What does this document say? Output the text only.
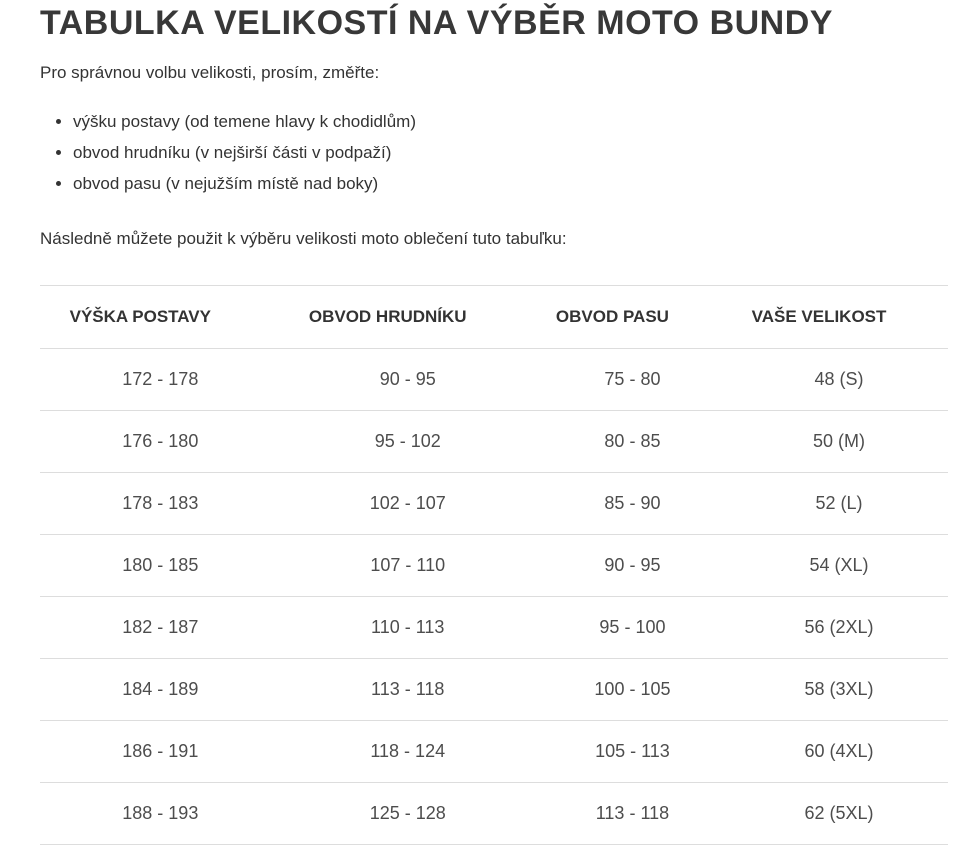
TABULKA VELIKOSTÍ NA VÝBĚR MOTO BUNDY

Pro správnou volbu velikosti, prosím, změřte:

• výšku postavy (od temene hlavy k chodidlům)
• obvod hrudníku (v nejširší části v podpaží)
• obvod pasu (v nejužším místě nad boky)

Následně můžete použit k výběru velikosti moto oblečení tuto tabuľku:

VÝŠKA POSTAVY	OBVOD HRUDNÍKU	OBVOD PASU	VAŠE VELIKOST
172 - 178	90 - 95	75 - 80	48 (S)
176 - 180	95 - 102	80 - 85	50 (M)
178 - 183	102 - 107	85 - 90	52 (L)
180 - 185	107 - 110	90 - 95	54 (XL)
182 - 187	110 - 113	95 - 100	56 (2XL)
184 - 189	113 - 118	100 - 105	58 (3XL)
186 - 191	118 - 124	105 - 113	60 (4XL)
188 - 193	125 - 128	113 - 118	62 (5XL)
